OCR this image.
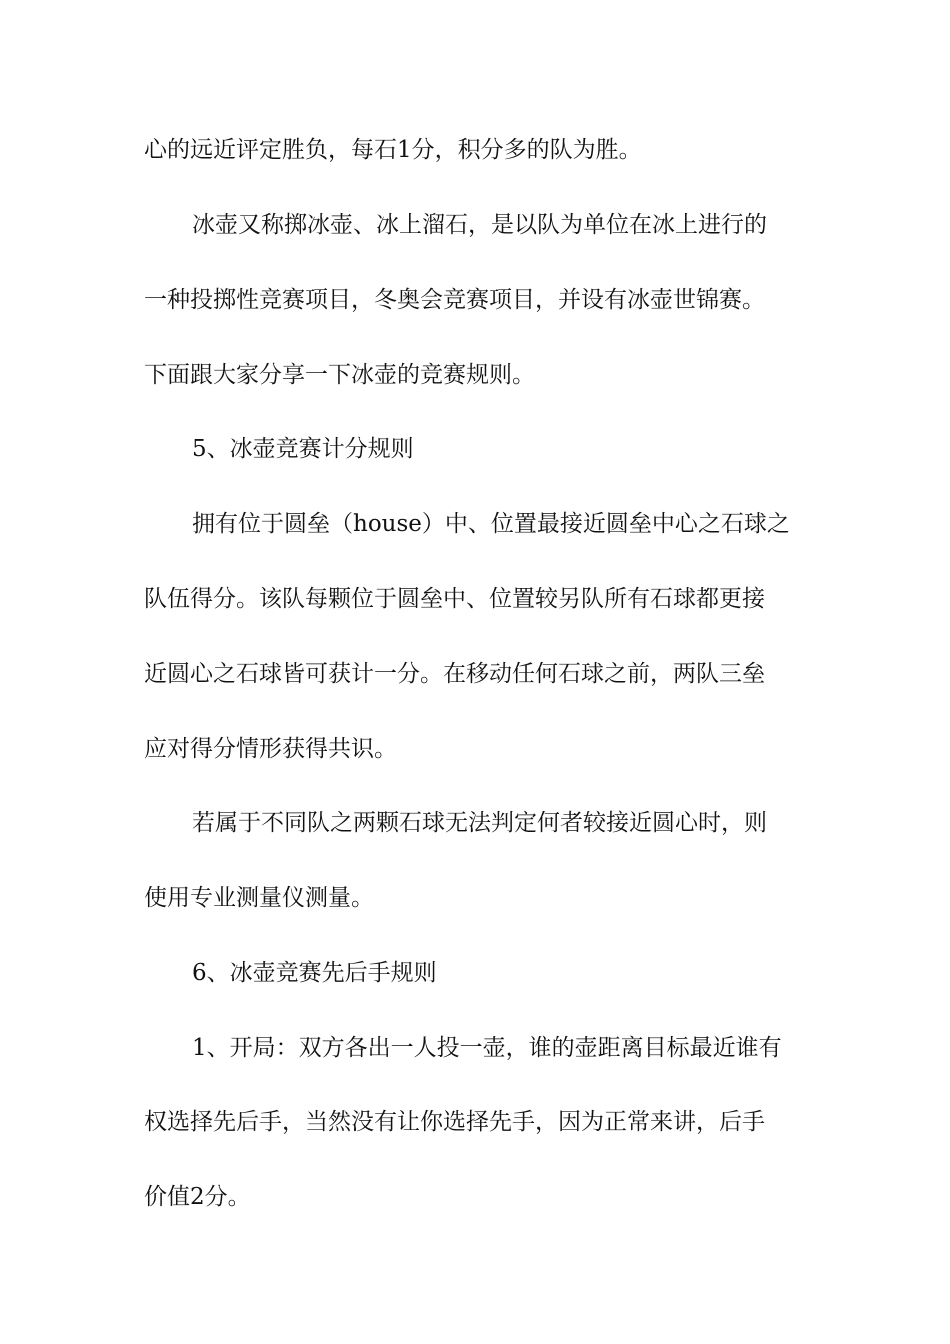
心的远近评定胜负，每石1分，积分多的队为胜。
冰壶又称掷冰壶、冰上溜石，是以队为单位在冰上进行的
一种投掷性竞赛项目，冬奥会竞赛项目，并设有冰壶世锦赛。
下面跟大家分享一下冰壶的竞赛规则。
5、冰壶竞赛计分规则
拥有位于圆垒（house）中、位置最接近圆垒中心之石球之
队伍得分。该队每颗位于圆垒中、位置较另队所有石球都更接
近圆心之石球皆可获计一分。在移动任何石球之前，两队三垒
应对得分情形获得共识。
若属于不同队之两颗石球无法判定何者较接近圆心时，则
使用专业测量仪测量。
6、冰壶竞赛先后手规则
1、开局：双方各出一人投一壶，谁的壶距离目标最近谁有
权选择先后手，当然没有让你选择先手，因为正常来讲，后手
价值2分。
